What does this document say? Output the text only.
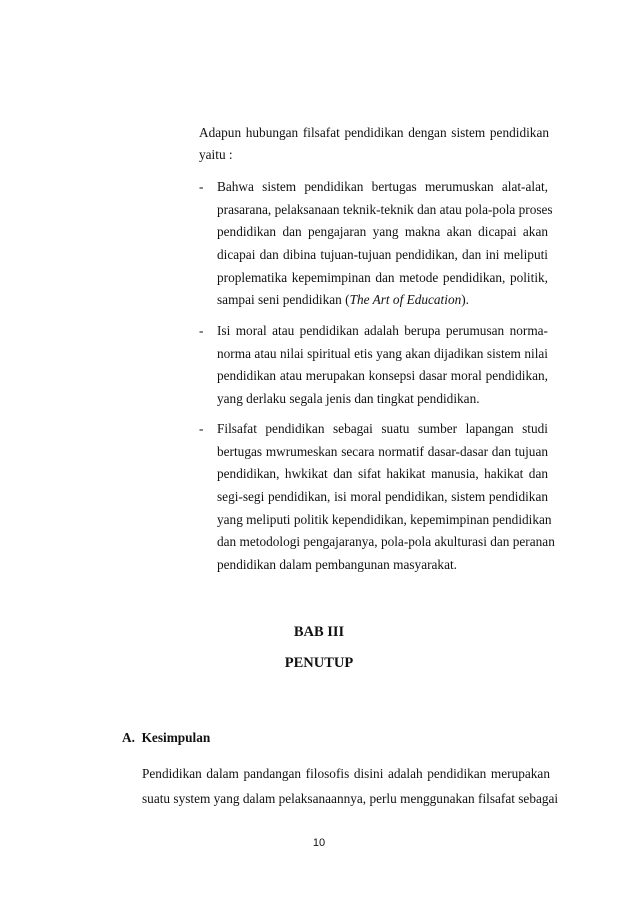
Adapun hubungan filsafat pendidikan dengan sistem pendidikan
yaitu :
- Bahwa sistem pendidikan bertugas merumuskan alat-alat,
prasarana, pelaksanaan teknik-teknik dan atau pola-pola proses
pendidikan dan pengajaran yang makna akan dicapai akan
dicapai dan dibina tujuan-tujuan pendidikan, dan ini meliputi
proplematika kepemimpinan dan metode pendidikan, politik,
sampai seni pendidikan (The Art of Education).
- Isi moral atau pendidikan adalah berupa perumusan norma-
norma atau nilai spiritual etis yang akan dijadikan sistem nilai
pendidikan atau merupakan konsepsi dasar moral pendidikan,
yang derlaku segala jenis dan tingkat pendidikan.
- Filsafat pendidikan sebagai suatu sumber lapangan studi
bertugas mwrumeskan secara normatif dasar-dasar dan tujuan
pendidikan, hwkikat dan sifat hakikat manusia, hakikat dan
segi-segi pendidikan, isi moral pendidikan, sistem pendidikan
yang meliputi politik kependidikan, kepemimpinan pendidikan
dan metodologi pengajaranya, pola-pola akulturasi dan peranan
pendidikan dalam pembangunan masyarakat.
BAB III
PENUTUP
A.  Kesimpulan
Pendidikan dalam pandangan filosofis disini adalah pendidikan merupakan
suatu system yang dalam pelaksanaannya, perlu menggunakan filsafat sebagai
10
